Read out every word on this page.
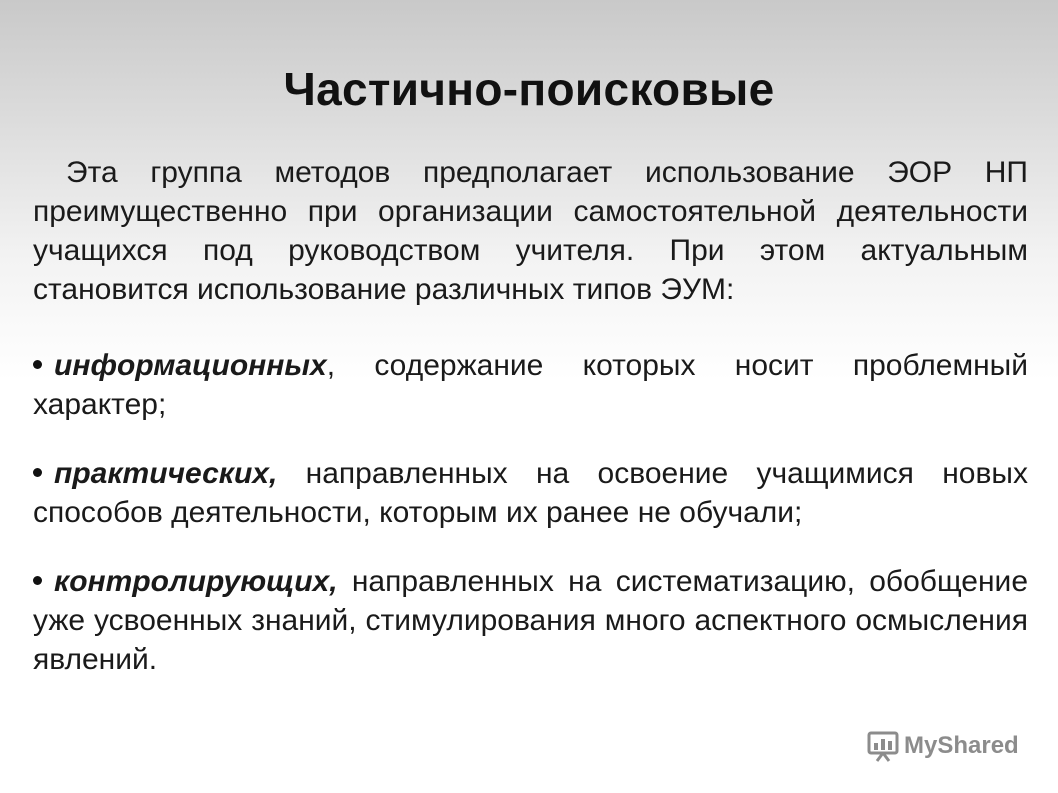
Частично-поисковые

Эта группа методов предполагает использование ЭОР НП преимущественно при организации самостоятельной деятельности учащихся под руководством учителя. При этом актуальным становится использование различных типов ЭУМ:

информационных, содержание которых носит проблемный характер;

практических, направленных на освоение учащимися новых способов деятельности, которым их ранее не обучали;

контролирующих, направленных на систематизацию, обобщение уже усвоенных знаний, стимулирования много аспектного осмысления явлений.

MyShared
